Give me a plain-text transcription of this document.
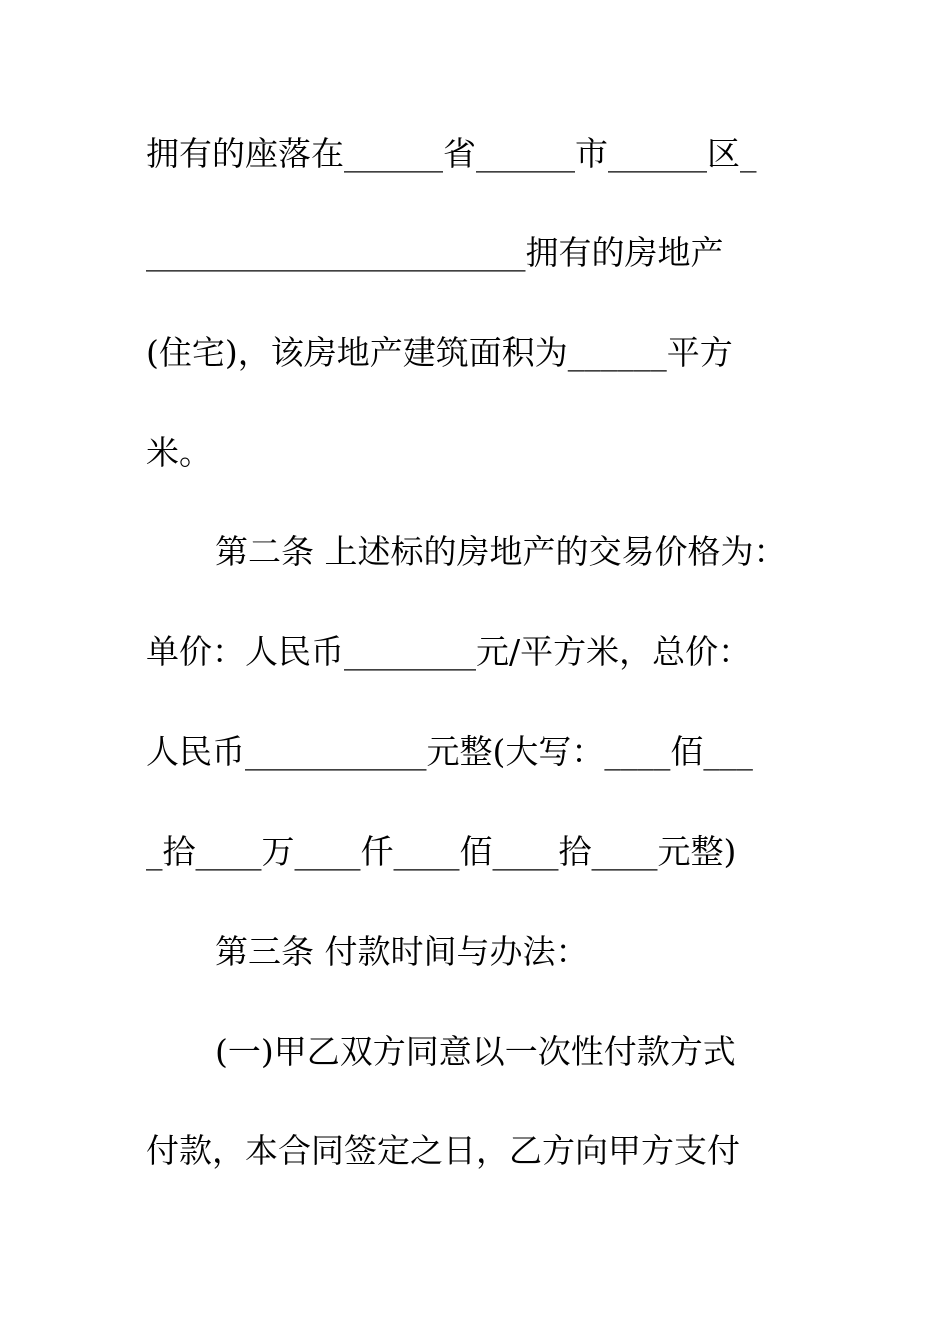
拥有的座落在______省______市______区_
_______________________拥有的房地产
(住宅)，该房地产建筑面积为______平方
米。
第二条 上述标的房地产的交易价格为：
单价：人民币________元/平方米，总价：
人民币___________元整(大写：____佰___
_拾____万____仟____佰____拾____元整)
第三条 付款时间与办法：
(一)甲乙双方同意以一次性付款方式
付款，本合同签定之日，乙方向甲方支付
